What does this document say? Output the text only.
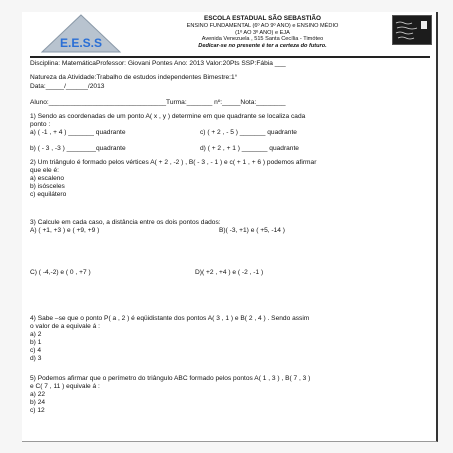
E.E.S.S
ESCOLA ESTADUAL SÃO SEBASTIÃO
ENSINO FUNDAMENTAL (6º AO 9º ANO) e ENSINO MÉDIO
(1º AO 3º ANO) e EJA
Avenida Venezuela , 515 Santa Cecília - Timóteo
Dedicar-se no presente é ter a certeza do futuro.
Disciplina: MatemáticaProfessor: Giovani Pontes Ano: 2013 Valor:20Pts SSP:Fábia ___
Natureza da Atividade:Trabalho de estudos independentes Bimestre:1°
Data:_____/______/2013
Aluno:________________________________Turma:_______ nº:_____Nota:________
1) Sendo as coordenadas de um ponto A( x , y ) determine em que quadrante se localiza cada
ponto :
a) ( -1 , + 4 ) _______ quadrante	c) ( + 2 , - 5 ) _______ quadrante
b) ( - 3 , -3 ) ________quadrante	d) ( + 2 , + 1 ) _______ quadrante
2) Um triângulo é formado pelos vértices A( + 2 , -2 ) , B( - 3 , - 1 ) e c( + 1 , + 6 ) podemos afirmar
que ele é:
a) escaleno
b) isósceles
c) equilátero
3) Calcule em cada caso, a distância entre os dois pontos dados:
A) ( +1, +3 ) e ( +9, +9 )	B)( -3, +1) e ( +5, -14 )
C) ( -4,-2) e ( 0 , +7 )	D)( +2 , +4 ) e ( -2 , -1 )
4) Sabe –se que o ponto P( a , 2 ) é eqüidistante dos pontos A( 3 , 1 ) e B( 2 , 4 ) . Sendo assim
o valor de a equivale á :
a) 2
b) 1
c) 4
d) 3
5) Podemos afirmar que o perímetro do triângulo ABC formado pelos pontos A( 1 , 3 ) , B( 7 , 3 )
e C( 7 , 11 ) equivale á :
a) 22
b) 24
c) 12
